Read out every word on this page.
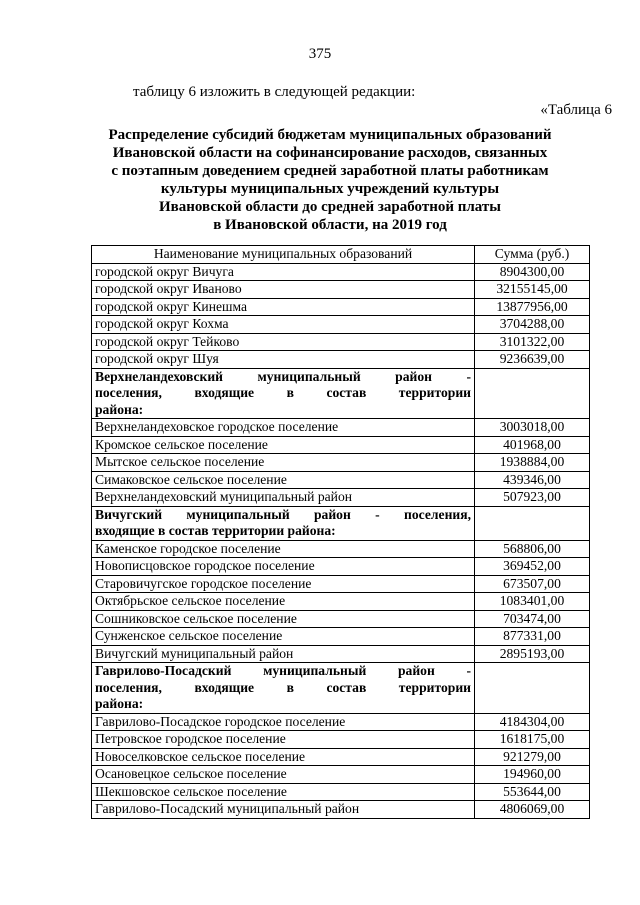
375
таблицу 6 изложить в следующей редакции:
«Таблица 6
Распределение субсидий бюджетам муниципальных образований
Ивановской области на софинансирование расходов, связанных
с поэтапным доведением средней заработной платы работникам
культуры муниципальных учреждений культуры
Ивановской области до средней заработной платы
в Ивановской области, на 2019 год
Наименование муниципальных образований	Сумма (руб.)
городской округ Вичуга	8904300,00
городской округ Иваново	32155145,00
городской округ Кинешма	13877956,00
городской округ Кохма	3704288,00
городской округ Тейково	3101322,00
городской округ Шуя	9236639,00

Верхнеландеховский муниципальный район -
поселения, входящие в состав территории
района:	

Верхнеландеховское городское поселение	3003018,00
Кромское сельское поселение	401968,00
Мытское сельское поселение	1938884,00
Симаковское сельское поселение	439346,00
Верхнеландеховский муниципальный район	507923,00

Вичугский муниципальный район - поселения,
входящие в состав территории района:	

Каменское городское поселение	568806,00
Новописцовское городское поселение	369452,00
Старовичугское городское поселение	673507,00
Октябрьское сельское поселение	1083401,00
Сошниковское сельское поселение	703474,00
Сунженское сельское поселение	877331,00
Вичугский муниципальный район	2895193,00

Гаврилово-Посадский муниципальный район -
поселения, входящие в состав территории
района:	

Гаврилово-Посадское городское поселение	4184304,00
Петровское городское поселение	1618175,00
Новоселковское сельское поселение	921279,00
Осановецкое сельское поселение	194960,00
Шекшовское сельское поселение	553644,00
Гаврилово-Посадский муниципальный район	4806069,00
